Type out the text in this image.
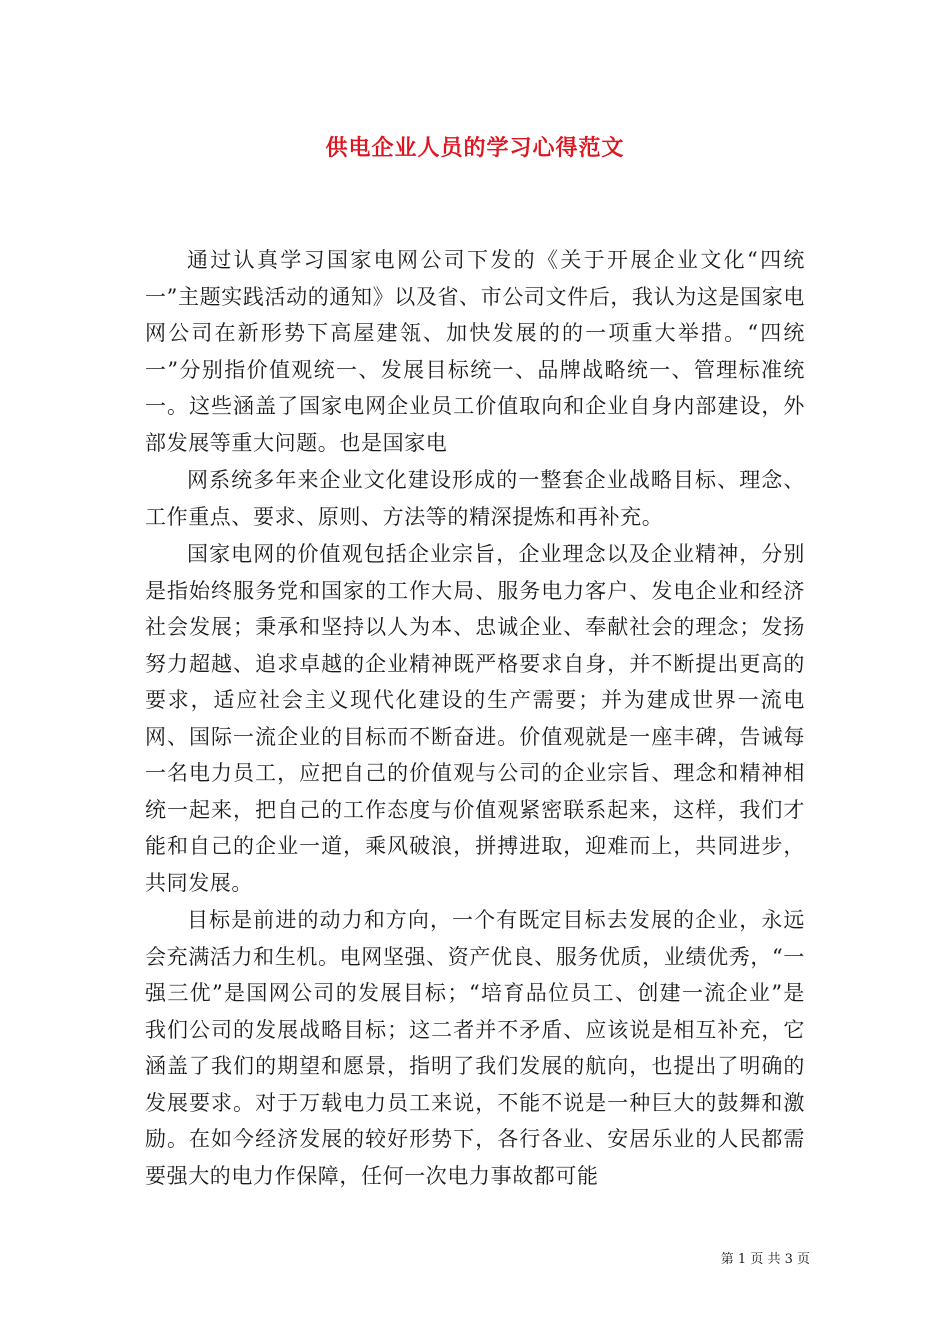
供电企业人员的学习心得范文

通过认真学习国家电网公司下发的《关于开展企业文化“四统一”主题实践活动的通知》以及省、市公司文件后，我认为这是国家电网公司在新形势下高屋建瓴、加快发展的的一项重大举措。“四统一”分别指价值观统一、发展目标统一、品牌战略统一、管理标准统一。这些涵盖了国家电网企业员工价值取向和企业自身内部建设，外部发展等重大问题。也是国家电

网系统多年来企业文化建设形成的一整套企业战略目标、理念、工作重点、要求、原则、方法等的精深提炼和再补充。

国家电网的价值观包括企业宗旨，企业理念以及企业精神，分别是指始终服务党和国家的工作大局、服务电力客户、发电企业和经济社会发展；秉承和坚持以人为本、忠诚企业、奉献社会的理念；发扬努力超越、追求卓越的企业精神既严格要求自身，并不断提出更高的要求，适应社会主义现代化建设的生产需要；并为建成世界一流电网、国际一流企业的目标而不断奋进。价值观就是一座丰碑，告诫每一名电力员工，应把自己的价值观与公司的企业宗旨、理念和精神相统一起来，把自己的工作态度与价值观紧密联系起来，这样，我们才能和自己的企业一道，乘风破浪，拼搏进取，迎难而上，共同进步，共同发展。

目标是前进的动力和方向，一个有既定目标去发展的企业，永远会充满活力和生机。电网坚强、资产优良、服务优质，业绩优秀，“一强三优”是国网公司的发展目标；“培育品位员工、创建一流企业”是我们公司的发展战略目标；这二者并不矛盾、应该说是相互补充，它涵盖了我们的期望和愿景，指明了我们发展的航向，也提出了明确的发展要求。对于万载电力员工来说，不能不说是一种巨大的鼓舞和激励。在如今经济发展的较好形势下，各行各业、安居乐业的人民都需要强大的电力作保障，任何一次电力事故都可能

第 1 页 共 3 页
